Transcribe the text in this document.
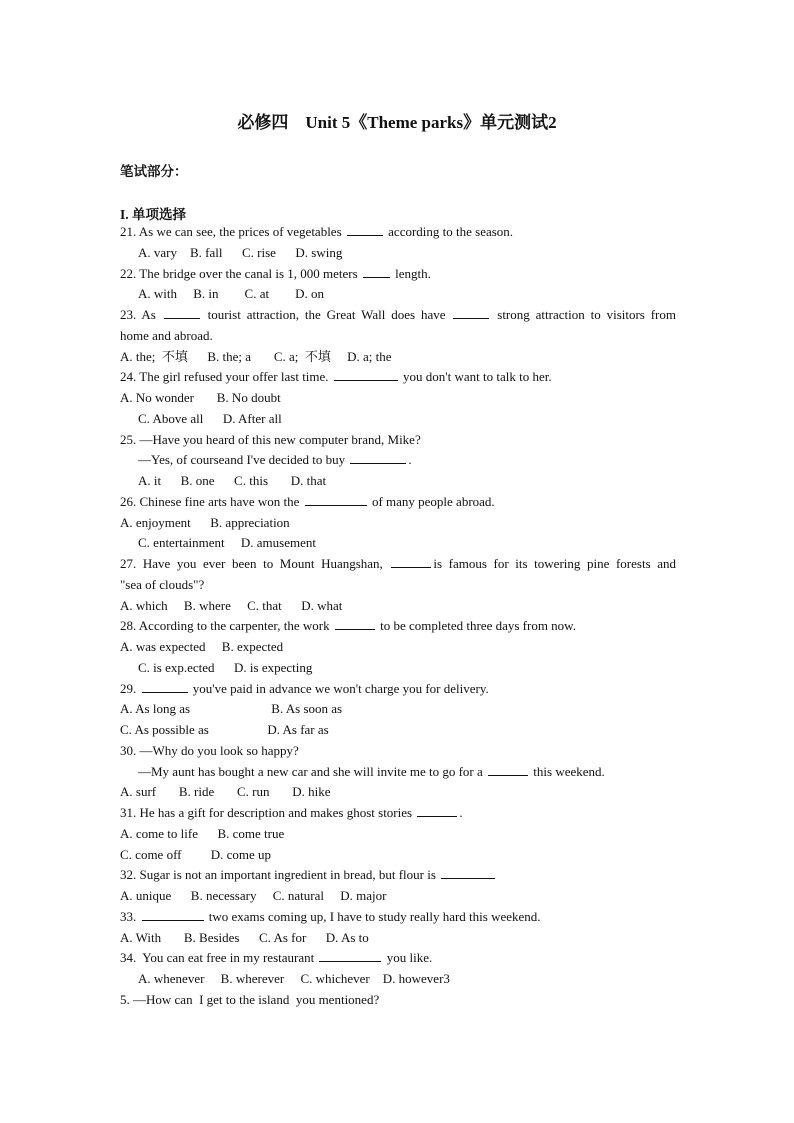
必修四    Unit 5《Theme parks》单元测试2
笔试部分：
I. 单项选择
21. As we can see, the prices of vegetables	according to the season.
A. vary    B. fall      C. rise      D. swing
22. The bridge over the canal is 1, 000 meters  length.
A. with     B. in        C. at        D. on
23. As	tourist attraction, the Great Wall does have	strong attraction to visitors from
home and abroad.
A. the;  不填      B. the; a       C. a;  不填     D. a; the
24. The girl refused your offer last time.	you don't want to talk to her.
A. No wonder       B. No doubt
C. Above all      D. After all
25. —Have you heard of this new computer brand, Mike?
—Yes, of courseand I've decided to buy	.
A. it      B. one      C. this       D. that
26. Chinese fine arts have won the	of many people abroad.
A. enjoyment      B. appreciation
C. entertainment     D. amusement
27. Have you ever been to Mount Huangshan,	is famous for its towering pine forests and
"sea of clouds"?
A. which     B. where     C. that      D. what
28. According to the carpenter, the work	to be completed three days from now.
A. was expected     B. expected
C. is exp.ected      D. is expecting
29.	you've paid in advance we won't charge you for delivery.
A. As long as                         B. As soon as
C. As possible as                  D. As far as
30. —Why do you look so happy?
—My aunt has bought a new car and she will invite me to go for a	this weekend.
A. surf       B. ride       C. run       D. hike
31. He has a gift for description and makes ghost stories	.
A. come to life      B. come true
C. come off         D. come up
32. Sugar is not an important ingredient in bread, but flour is
A. unique      B. necessary     C. natural     D. major
33.	two exams coming up, I have to study really hard this weekend.
A. With       B. Besides      C. As for      D. As to
34.  You can eat free in my restaurant	you like.
A. whenever     B. wherever     C. whichever    D. however3
5. —How can  I get to the island  you mentioned?
